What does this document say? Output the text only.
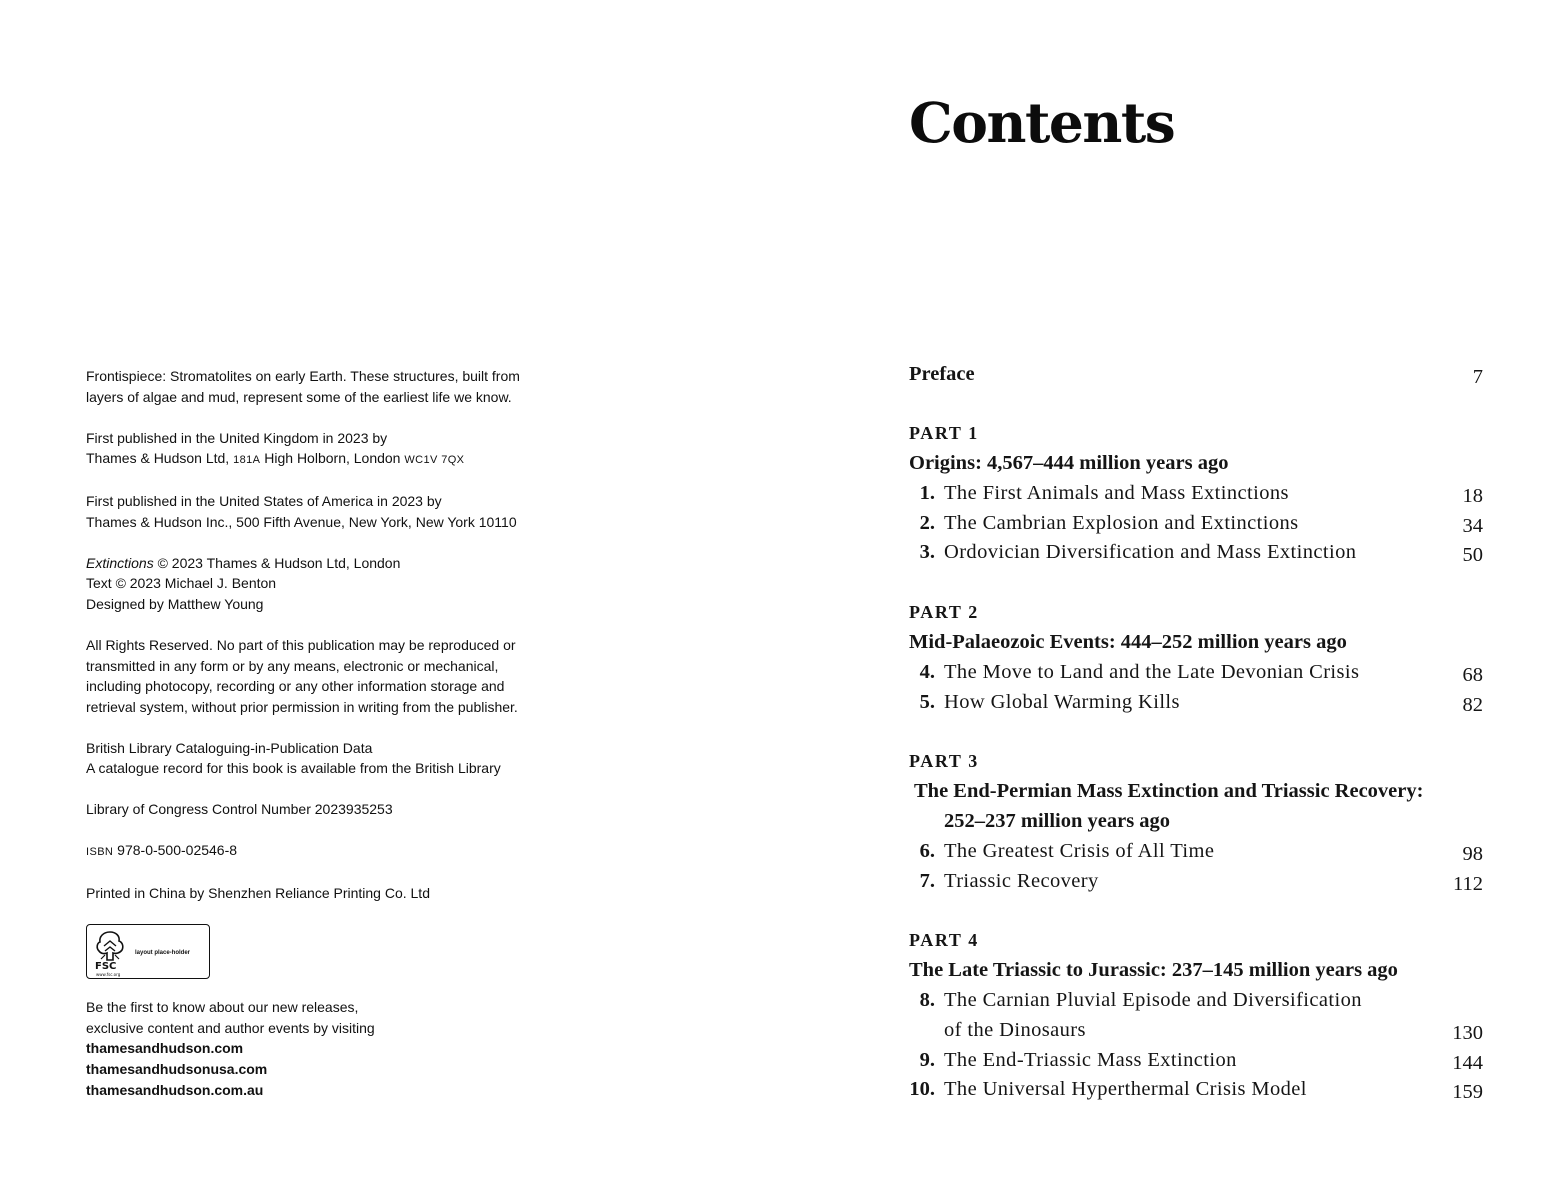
Frontispiece: Stromatolites on early Earth. These structures, built from
layers of algae and mud, represent some of the earliest life we know.
First published in the United Kingdom in 2023 by
Thames & Hudson Ltd, 181A High Holborn, London WC1V 7QX
First published in the United States of America in 2023 by
Thames & Hudson Inc., 500 Fifth Avenue, New York, New York 10110
Extinctions © 2023 Thames & Hudson Ltd, London
Text © 2023 Michael J. Benton
Designed by Matthew Young
All Rights Reserved. No part of this publication may be reproduced or
transmitted in any form or by any means, electronic or mechanical,
including photocopy, recording or any other information storage and
retrieval system, without prior permission in writing from the publisher.
British Library Cataloguing-in-Publication Data
A catalogue record for this book is available from the British Library
Library of Congress Control Number 2023935253
ISBN 978-0-500-02546-8
Printed in China by Shenzhen Reliance Printing Co. Ltd
FSC
www.fsc.org
layout place-holder
Be the first to know about our new releases,
exclusive content and author events by visiting
thamesandhudson.com
thamesandhudsonusa.com
thamesandhudson.com.au
Contents
Preface	7
PART 1
Origins: 4,567–444 million years ago
1. The First Animals and Mass Extinctions	18
2. The Cambrian Explosion and Extinctions	34
3. Ordovician Diversification and Mass Extinction	50
PART 2
Mid-Palaeozoic Events: 444–252 million years ago
4. The Move to Land and the Late Devonian Crisis	68
5. How Global Warming Kills	82
PART 3
The End-Permian Mass Extinction and Triassic Recovery:
252–237 million years ago
6. The Greatest Crisis of All Time	98
7. Triassic Recovery	112
PART 4
The Late Triassic to Jurassic: 237–145 million years ago
8. The Carnian Pluvial Episode and Diversification
of the Dinosaurs	130
9. The End-Triassic Mass Extinction	144
10. The Universal Hyperthermal Crisis Model	159
